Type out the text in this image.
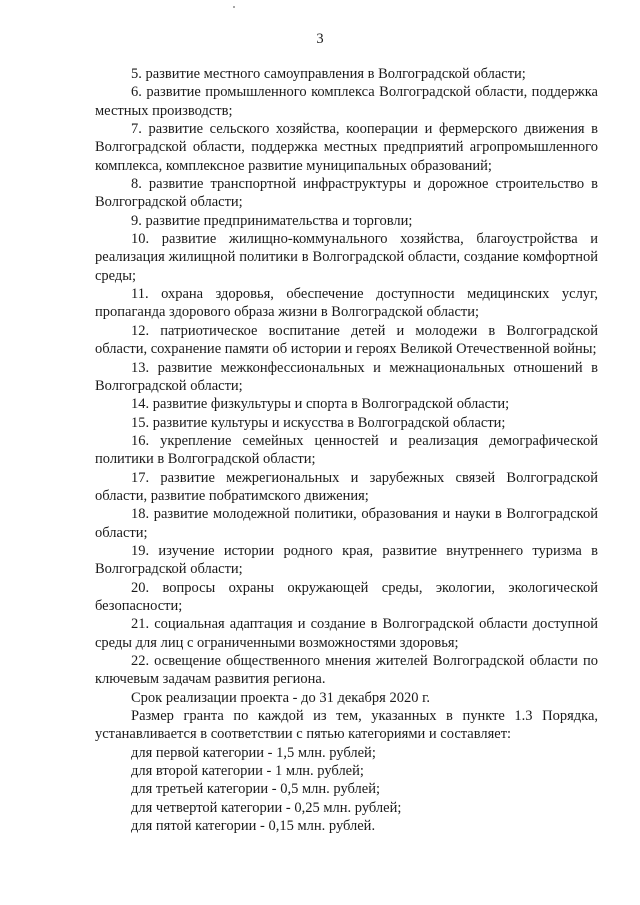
3

5. развитие местного самоуправления в Волгоградской области;

6. развитие промышленного комплекса Волгоградской области, поддержка местных производств;

7. развитие сельского хозяйства, кооперации и фермерского движения в Волгоградской области, поддержка местных предприятий агропромышленного комплекса, комплексное развитие муниципальных образований;

8. развитие транспортной инфраструктуры и дорожное строительство в Волгоградской области;

9. развитие предпринимательства и торговли;

10. развитие жилищно-коммунального хозяйства, благоустройства и реализация жилищной политики в Волгоградской области, создание комфортной среды;

11. охрана здоровья, обеспечение доступности медицинских услуг, пропаганда здорового образа жизни в Волгоградской области;

12. патриотическое воспитание детей и молодежи в Волгоградской области, сохранение памяти об истории и героях Великой Отечественной войны;

13. развитие межконфессиональных и межнациональных отношений в Волгоградской области;

14. развитие физкультуры и спорта в Волгоградской области;

15. развитие культуры и искусства в Волгоградской области;

16. укрепление семейных ценностей и реализация демографической политики в Волгоградской области;

17. развитие межрегиональных и зарубежных связей Волгоградской области, развитие побратимского движения;

18. развитие молодежной политики, образования и науки в Волгоградской области;

19. изучение истории родного края, развитие внутреннего туризма в Волгоградской области;

20. вопросы охраны окружающей среды, экологии, экологической безопасности;

21. социальная адаптация и создание в Волгоградской области доступной среды для лиц с ограниченными возможностями здоровья;

22. освещение общественного мнения жителей Волгоградской области по ключевым задачам развития региона.

Срок реализации проекта - до 31 декабря 2020 г.

Размер гранта по каждой из тем, указанных в пункте 1.3 Порядка, устанавливается в соответствии с пятью категориями и составляет:

для первой категории - 1,5 млн. рублей;

для второй категории - 1 млн. рублей;

для третьей категории - 0,5 млн. рублей;

для четвертой категории - 0,25 млн. рублей;

для пятой категории - 0,15 млн. рублей.
